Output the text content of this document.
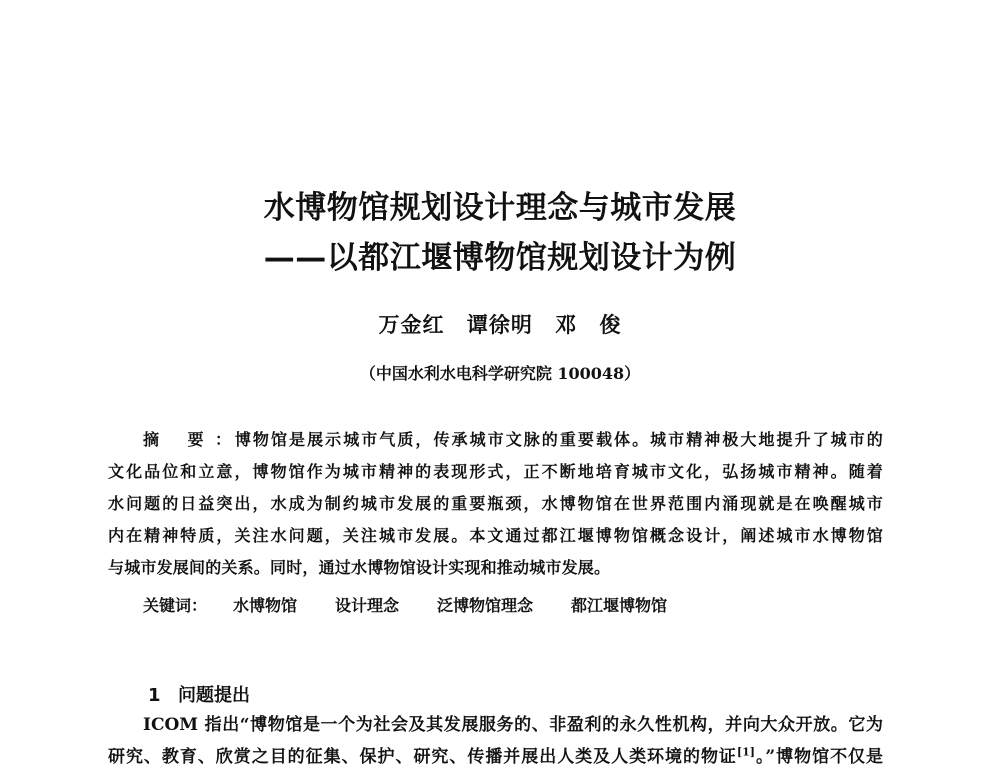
水博物馆规划设计理念与城市发展
——以都江堰博物馆规划设计为例
万金红 谭徐明 邓 俊
（中国水利水电科学研究院 100048）
摘 要：博物馆是展示城市气质，传承城市文脉的重要载体。城市精神极大地提升了城市的
文化品位和立意，博物馆作为城市精神的表现形式，正不断地培育城市文化，弘扬城市精神。随着
水问题的日益突出，水成为制约城市发展的重要瓶颈，水博物馆在世界范围内涌现就是在唤醒城市
内在精神特质，关注水问题，关注城市发展。本文通过都江堰博物馆概念设计，阐述城市水博物馆
与城市发展间的关系。同时，通过水博物馆设计实现和推动城市发展。
关键词： 水博物馆 设计理念 泛博物馆理念 都江堰博物馆
1 问题提出
ICOM 指出“博物馆是一个为社会及其发展服务的、非盈利的永久性机构，并向大众开放。它为
研究、教育、欣赏之目的征集、保护、研究、传播并展出人类及人类环境的物证[1]。”博物馆不仅是
